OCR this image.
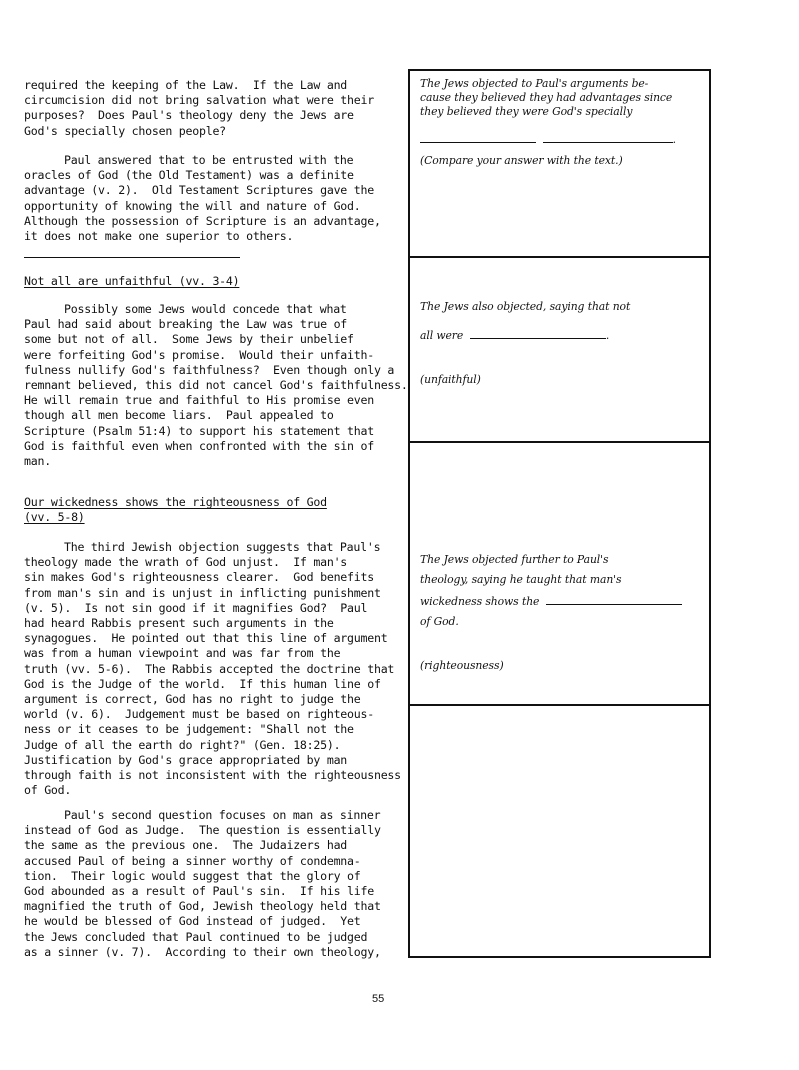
required the keeping of the Law.  If the Law and

circumcision did not bring salvation what were their

purposes?  Does Paul's theology deny the Jews are

God's specially chosen people?

Paul answered that to be entrusted with the

oracles of God (the Old Testament) was a definite

advantage (v. 2).  Old Testament Scriptures gave the

opportunity of knowing the will and nature of God.

Although the possession of Scripture is an advantage,

it does not make one superior to others.

Not all are unfaithful (vv. 3-4)

Possibly some Jews would concede that what

Paul had said about breaking the Law was true of

some but not of all.  Some Jews by their unbelief

were forfeiting God's promise.  Would their unfaith-

fulness nullify God's faithfulness?  Even though only a

remnant believed, this did not cancel God's faithfulness.

He will remain true and faithful to His promise even

though all men become liars.  Paul appealed to

Scripture (Psalm 51:4) to support his statement that

God is faithful even when confronted with the sin of

man.

Our wickedness shows the righteousness of God

(vv. 5-8)

The third Jewish objection suggests that Paul's

theology made the wrath of God unjust.  If man's

sin makes God's righteousness clearer.  God benefits

from man's sin and is unjust in inflicting punishment

(v. 5).  Is not sin good if it magnifies God?  Paul

had heard Rabbis present such arguments in the

synagogues.  He pointed out that this line of argument

was from a human viewpoint and was far from the

truth (vv. 5-6).  The Rabbis accepted the doctrine that

God is the Judge of the world.  If this human line of

argument is correct, God has no right to judge the

world (v. 6).  Judgement must be based on righteous-

ness or it ceases to be judgement: "Shall not the

Judge of all the earth do right?" (Gen. 18:25).

Justification by God's grace appropriated by man

through faith is not inconsistent with the righteousness

of God.

Paul's second question focuses on man as sinner

instead of God as Judge.  The question is essentially

the same as the previous one.  The Judaizers had

accused Paul of being a sinner worthy of condemna-

tion.  Their logic would suggest that the glory of

God abounded as a result of Paul's sin.  If his life

magnified the truth of God, Jewish theology held that

he would be blessed of God instead of judged.  Yet

the Jews concluded that Paul continued to be judged

as a sinner (v. 7).  According to their own theology,

The Jews objected to Paul's arguments be-

cause they believed they had advantages since

they believed they were God's specially

.

(Compare your answer with the text.)

The Jews also objected, saying that not

all were	.

(unfaithful)

The Jews objected further to Paul's

theology, saying he taught that man's

wickedness shows the

of God.

(righteousness)

55
